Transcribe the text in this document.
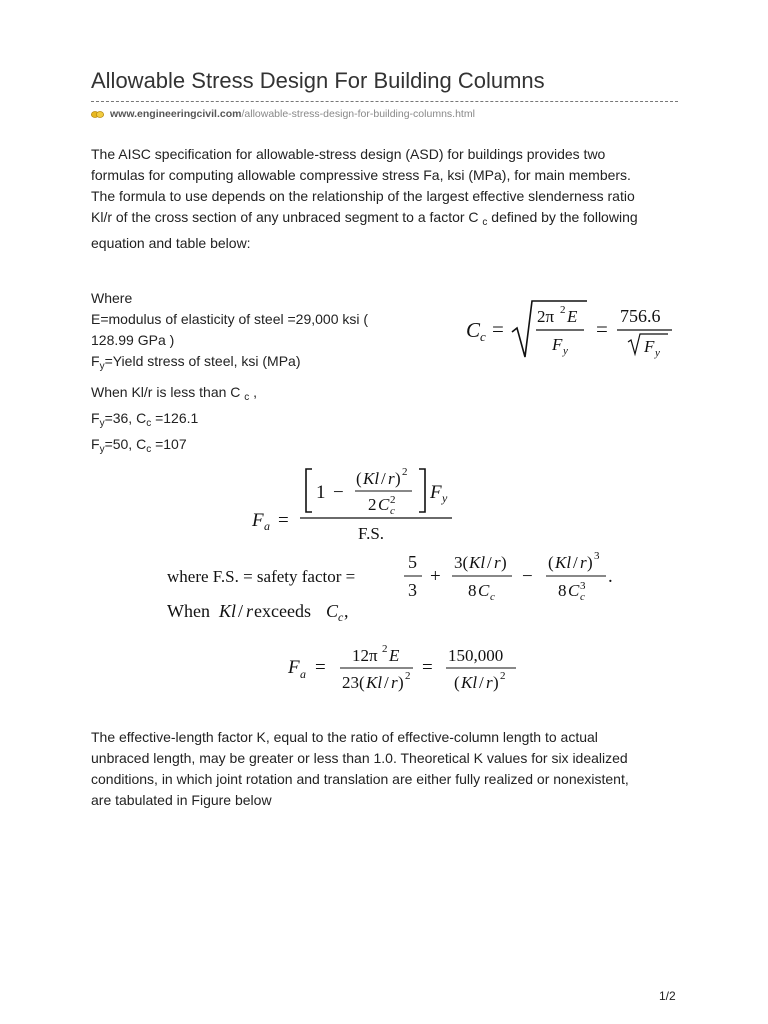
Allowable Stress Design For Building Columns
www.engineeringcivil.com /allowable-stress-design-for-building-columns.html
The AISC specification for allowable-stress design (ASD) for buildings provides two
formulas for computing allowable compressive stress Fa, ksi (MPa), for main members.
The formula to use depends on the relationship of the largest effective slenderness ratio
Kl/r of the cross section of any unbraced segment to a factor C $_c$ defined by the following
equation and table below:
Where
E=modulus of elasticity of steel =29,000 ksi (
128.99 GPa )
$F_y=Yield$ stress of steel, ksi (MPa)
C c =
2π 2 E
F y
=
756.6
F y
When Kl/r is less than C $_c$ ,
$F_y=36$, $C_c =126.1$
$F_y=50$, $C_c =107$
F a =
1 −
( Kl / r ) 2
2 C 2
c
F y
F.S.
where F.S. = safety factor =
5
3
+
3( Kl / r )
8 C c
−
( Kl / r ) 3
8 C 3
c
.
When Kl / r exceeds C c ,
F a =
12π 2 E
23( Kl / r ) 2 =
150,000
( Kl / r ) 2
The effective-length factor K, equal to the ratio of effective-column length to actual
unbraced length, may be greater or less than 1.0. Theoretical K values for six idealized
conditions, in which joint rotation and translation are either fully realized or nonexistent,
are tabulated in Figure below
1/2
